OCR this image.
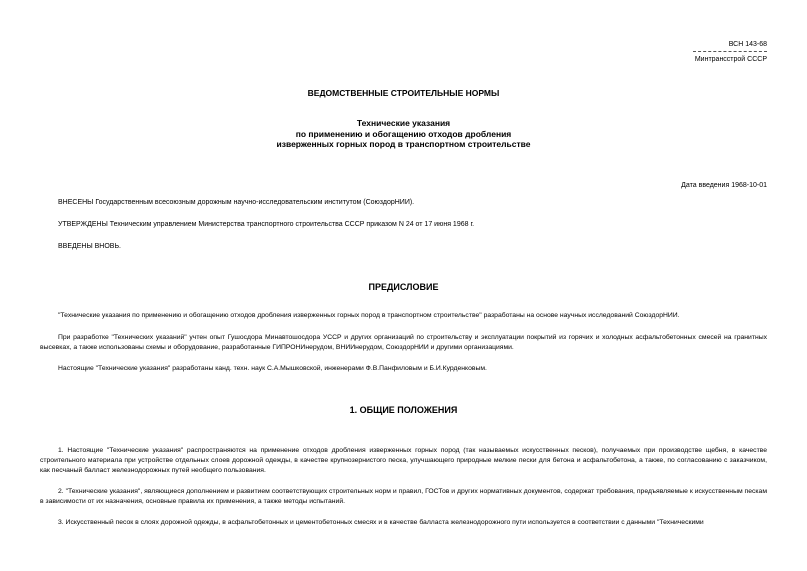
ВСН 143-68
Минтрансстрой СССР
ВЕДОМСТВЕННЫЕ СТРОИТЕЛЬНЫЕ НОРМЫ
Технические указания
по применению и обогащению отходов дробления
изверженных горных пород в транспортном строительстве
Дата введения 1968-10-01
ВНЕСЕНЫ Государственным всесоюзным дорожным научно-исследовательским институтом (СоюздорНИИ).
УТВЕРЖДЕНЫ Техническим управлением Министерства транспортного строительства СССР приказом N 24 от 17 июня 1968 г.
ВВЕДЕНЫ ВНОВЬ.
ПРЕДИСЛОВИЕ
"Технические указания по применению и обогащению отходов дробления изверженных горных пород в транспортном строительстве" разработаны на основе научных исследований СоюздорНИИ.
При разработке "Технических указаний" учтен опыт Гушосдора Минавтошосдора УССР и других организаций по строительству и эксплуатации покрытий из горячих и холодных асфальтобетонных смесей на гранитных высевках, а также использованы схемы и оборудование, разработанные ГИПРОНИнерудом, ВНИИнерудом, СоюздорНИИ и другими организациями.
Настоящие "Технические указания" разработаны канд. техн. наук С.А.Мышковской, инженерами Ф.В.Панфиловым и Б.И.Курденковым.
1. ОБЩИЕ ПОЛОЖЕНИЯ
1. Настоящие "Технические указания" распространяются на применение отходов дробления изверженных горных пород (так называемых искусственных песков), получаемых при производстве щебня, в качестве строительного материала при устройстве отдельных слоев дорожной одежды, в качестве крупнозернистого песка, улучшающего природные мелкие пески для бетона и асфальтобетона, а также, по согласованию с заказчиком, как песчаный балласт железнодорожных путей необщего пользования.
2. "Технические указания", являющиеся дополнением и развитием соответствующих строительных норм и правил, ГОСТов и других нормативных документов, содержат требования, предъявляемые к искусственным пескам в зависимости от их назначения, основные правила их применения, а также методы испытаний.
3. Искусственный песок в слоях дорожной одежды, в асфальтобетонных и цементобетонных смесях и в качестве балласта железнодорожного пути используется в соответствии с данными "Техническими
